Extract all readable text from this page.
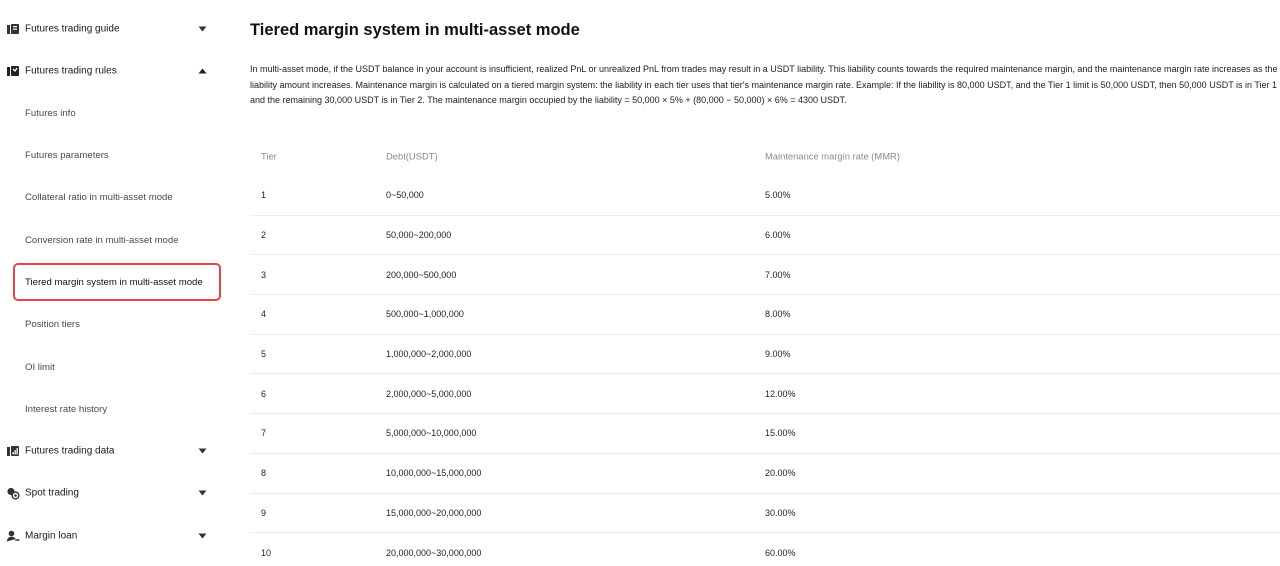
Futures trading guide
Futures trading rules
Futures info
Futures parameters
Collateral ratio in multi-asset mode
Conversion rate in multi-asset mode
Tiered margin system in multi-asset mode
Position tiers
OI limit
Interest rate history
Futures trading data
Spot trading
Margin loan
Tiered margin system in multi-asset mode

In multi-asset mode, if the USDT balance in your account is insufficient, realized PnL or unrealized PnL from trades may result in a USDT liability. This liability counts towards the required maintenance margin, and the maintenance margin rate increases as the liability amount increases. Maintenance margin is calculated on a tiered margin system: the liability in each tier uses that tier's maintenance margin rate. Example: If the liability is 80,000 USDT, and the Tier 1 limit is 50,000 USDT, then 50,000 USDT is in Tier 1 and the remaining 30,000 USDT is in Tier 2. The maintenance margin occupied by the liability = 50,000 × 5% + (80,000 − 50,000) × 6% = 4300 USDT.

Tier	Debt(USDT)	Maintenance margin rate (MMR)
1	0~50,000	5.00%
2	50,000~200,000	6.00%
3	200,000~500,000	7.00%
4	500,000~1,000,000	8.00%
5	1,000,000~2,000,000	9.00%
6	2,000,000~5,000,000	12.00%
7	5,000,000~10,000,000	15.00%
8	10,000,000~15,000,000	20.00%
9	15,000,000~20,000,000	30.00%
10	20,000,000~30,000,000	60.00%
